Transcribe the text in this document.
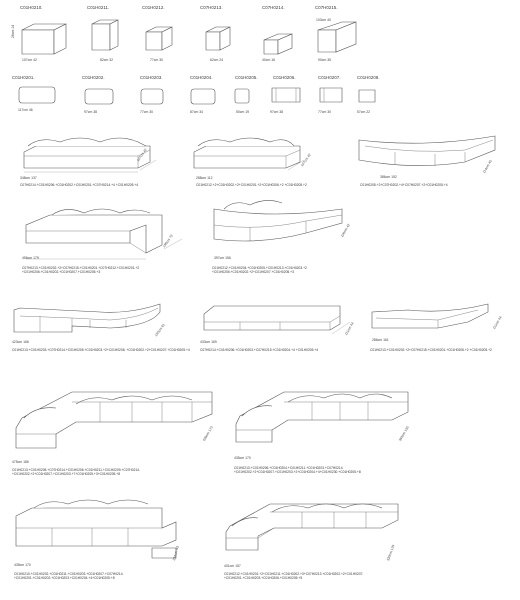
C01H0210.	C01H0211.	C01H0212.	C07H0213.	C07H0214.	C07H0215.
107cm 42
26cm 14
82cm 32	77cm 30	62cm 24	40cm 16
103cm 40
90cm 35
C01H0201.	C01H0202.	C01H0203.	C01H0204.	C01H0205.	C01H0206.	C01H0207.	C01H0208.
117cm 46	97cm 38	77cm 30	87cm 34	50cm 19	97cm 38	77cm 30	57cm 22
348cm 137
107cm 42
C07H0214.+C01H0206.+C01H0202.+C01H0201.+C07H0214.+4 +C01H0205.+4
288cm 112
107cm 42
C01H0212.+2+C01H0202.+2+C01H0201.+2+C01H0206.+2 +C01H0205.+2
386cm 152
114cm 45
C01H0205.+2+C07H0202.+4+C07H0207.+2+C01H0205.+4
456cm 179
186cm 73
C07H0213.+C01H0202.+2+C07H0215.+C01H0201.+C07H0212.+C01H0201.+2 +C01H0206.+C01H0202.+C01H0207.+C01H0205.+3
397cm 156
106cm 42
C01H0212.+C01H0204.+C01H0205.+C01H0213.+C01H0203.+2 +C01H0206.+C01H0202.+2+C01H0207.+C01H0205.+3
423cm 166
155cm 61
C01H0213.+C01H0203.+C07H0214.+C01H0205.+C01H0203.+2+C01H0208. +C01H0202.+2+C01H0207.+C01H0205.+4
433cm 169
111cm 44
C07H0214.+C01H0206.+C01H0203.+C07H0215.+C01H0204.+4 +C01H0205.+4
286cm 161
111cm 44
C01H0213.+C01H0202.+2+C07H0215.+C01H0201.+C01H0206.+2 +C01H0205.+2
475cm 186
439cm 173
C01H0213.+C01H0205.+C07H0214.+C01H0206.+C01H0211.+C01H0209.+C07H0214. +C01H0202.+2+C01H0207.+C01H0203.+7+C01H0205.+3+C01H0205.+8
435cm 170
393cm 155
C01H0213.+C01H0206.+C01H0204.+C01H0211.+C01H0203.+C07H0214. +C01H0202.+2+C01H0207.+C01H0203.+2+C01H0204.+4+C01H0230.+C01H0205.+8
435cm 170
234cm 93
C01H0210.+C01H0202.+C01H0211.+C01H0203.+C01H0207.+C07H0214. +C01H0201.+C01H0202.+C01H0203.+C01H0204.+4+C01H0205.+8
401cm 157
330cm 129
C01H0212.+C01H0201.+2+C01H0211.+C01H0202.+3+C07H0213.+C01H0202.+2+C01H0207. +C01H0201.+C01H0203.+C01H0206.+C01H0205.+5
